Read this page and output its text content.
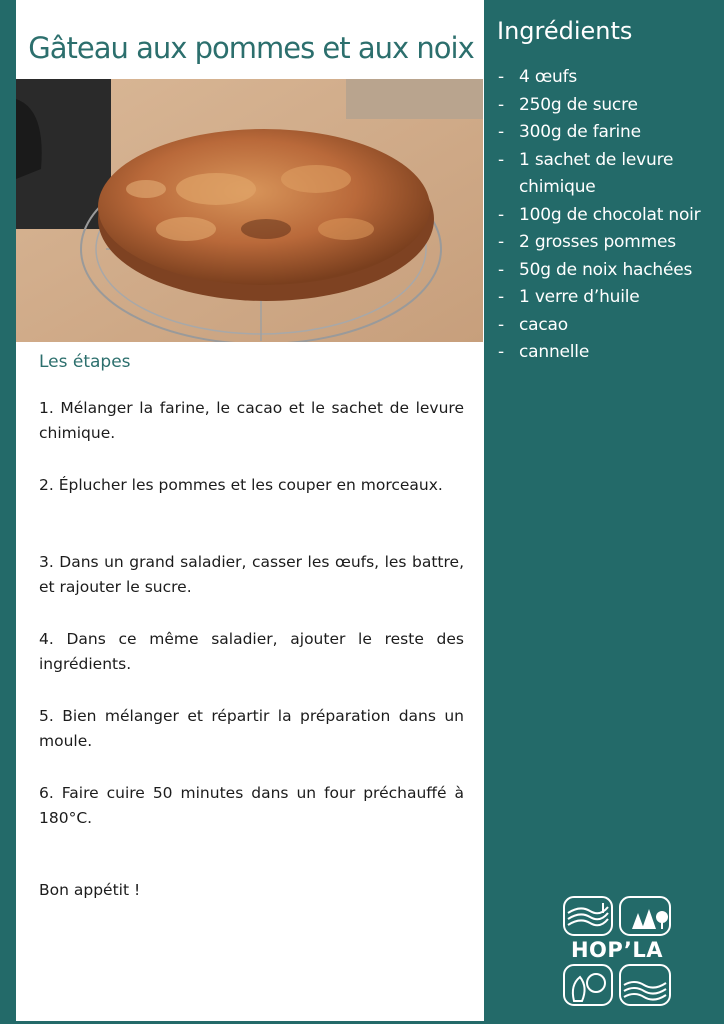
Gâteau aux pommes et aux noix
Les étapes
1. Mélanger la farine, le cacao et le sachet de levure chimique.
2. Éplucher les pommes et les couper en morceaux.
3. Dans un grand saladier, casser les œufs, les battre, et rajouter le sucre.
4. Dans ce même saladier, ajouter le reste des ingrédients.
5. Bien mélanger et répartir la préparation dans un moule.
6. Faire cuire 50 minutes dans un four préchauffé à 180°C.

Bon appétit !

Ingrédients
- 4 œufs
- 250g de sucre
- 300g de farine
- 1 sachet de levure chimique
- 100g de chocolat noir
- 2 grosses pommes
- 50g de noix hachées
- 1 verre d’huile
- cacao
- cannelle
HOP’LA
